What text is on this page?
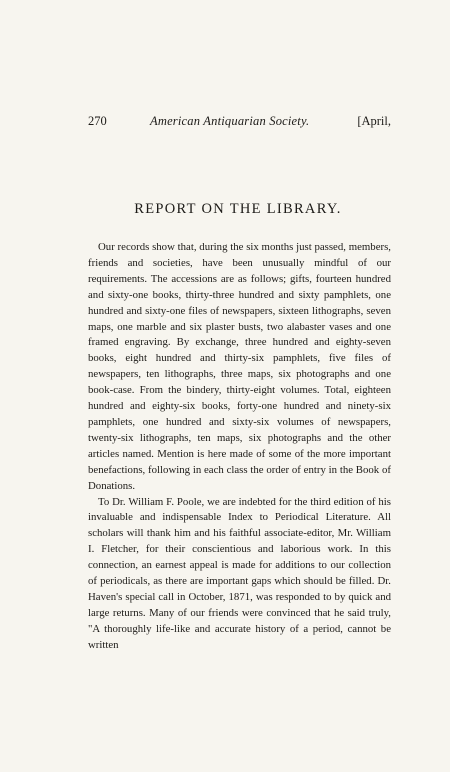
270	American Antiquarian Society.	[April,
REPORT ON THE LIBRARY.

Our records show that, during the six months just passed, members, friends and societies, have been unusually mindful of our requirements. The accessions are as follows; gifts, fourteen hundred and sixty-one books, thirty-three hundred and sixty pamphlets, one hundred and sixty-one files of newspapers, sixteen lithographs, seven maps, one marble and six plaster busts, two alabaster vases and one framed engraving. By exchange, three hundred and eighty-seven books, eight hundred and thirty-six pamphlets, five files of newspapers, ten lithographs, three maps, six photographs and one book-case. From the bindery, thirty-eight volumes. Total, eighteen hundred and eighty-six books, forty-one hundred and ninety-six pamphlets, one hundred and sixty-six volumes of newspapers, twenty-six lithographs, ten maps, six photographs and the other articles named. Mention is here made of some of the more important benefactions, following in each class the order of entry in the Book of Donations.

To Dr. William F. Poole, we are indebted for the third edition of his invaluable and indispensable Index to Periodical Literature. All scholars will thank him and his faithful associate-editor, Mr. William I. Fletcher, for their conscientious and laborious work. In this connection, an earnest appeal is made for additions to our collection of periodicals, as there are important gaps which should be filled. Dr. Haven's special call in October, 1871, was responded to by quick and large returns. Many of our friends were convinced that he said truly, "A thoroughly life-like and accurate history of a period, cannot be written
